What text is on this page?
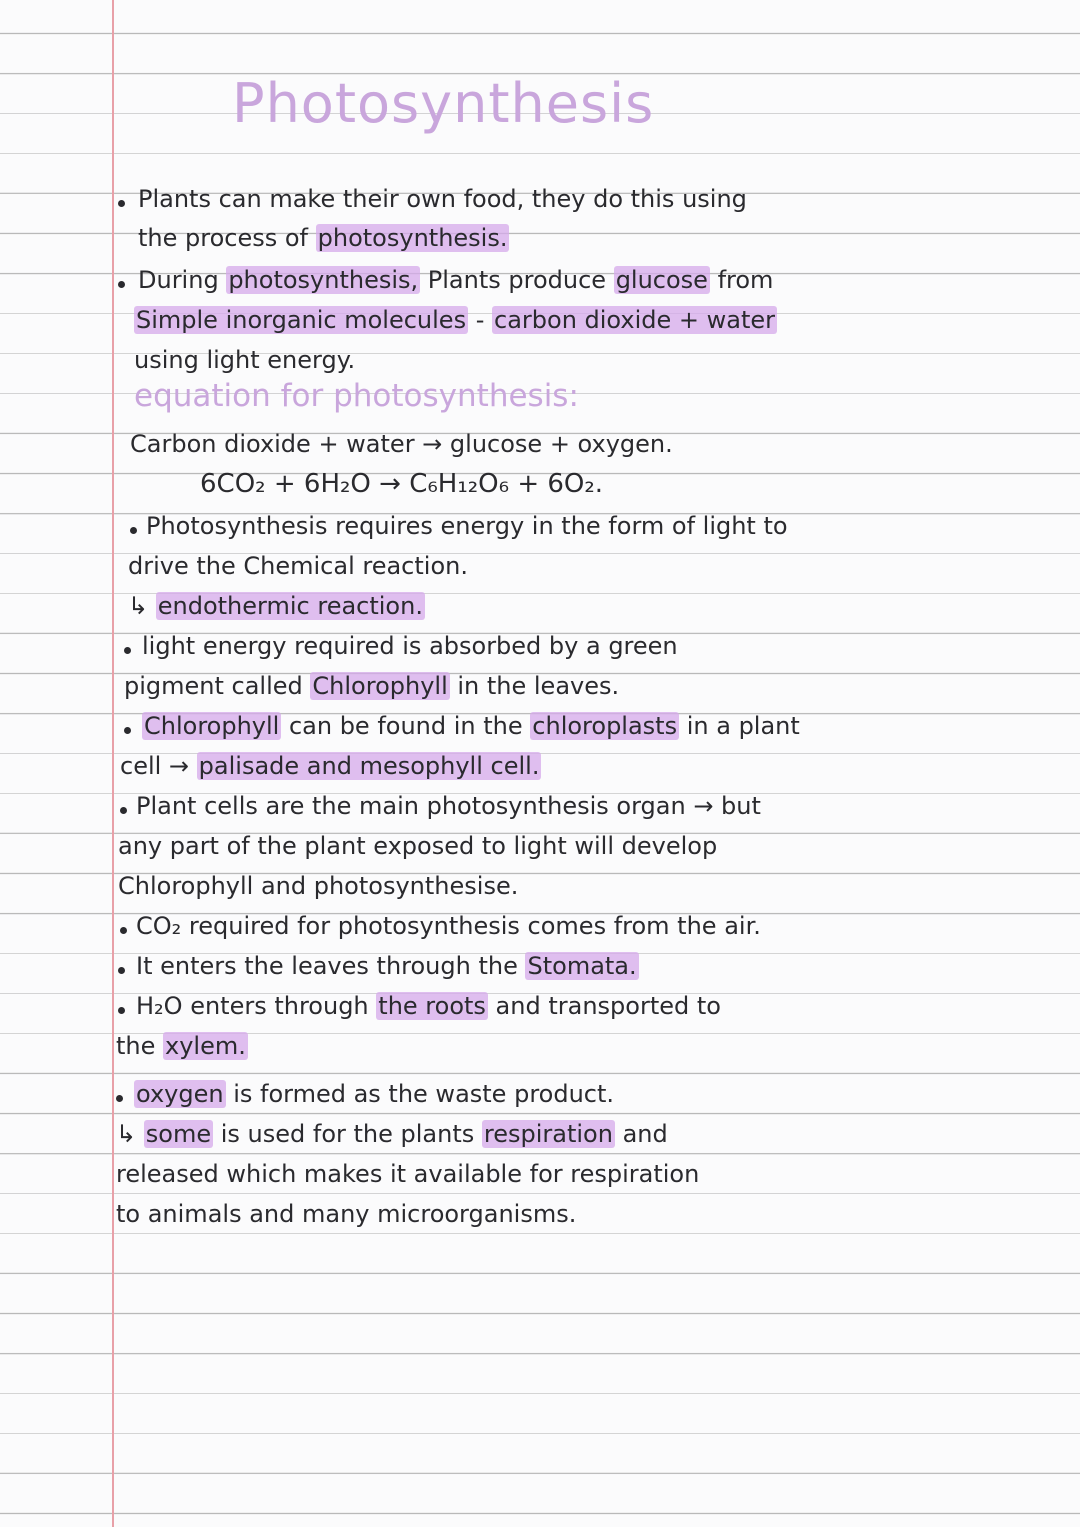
Photosynthesis
Plants can make their own food, they do this using
the process of photosynthesis.
During photosynthesis, Plants produce glucose from
Simple inorganic molecules - carbon dioxide + water
using light energy.
equation for photosynthesis:
Carbon dioxide + water → glucose + oxygen.
6CO₂ + 6H₂O → C₆H₁₂O₆ + 6O₂.
Photosynthesis requires energy in the form of light to
drive the Chemical reaction.
↳ endothermic reaction.
light energy required is absorbed by a green
pigment called Chlorophyll in the leaves.
Chlorophyll can be found in the chloroplasts in a plant
cell → palisade and mesophyll cell.
Plant cells are the main photosynthesis organ → but
any part of the plant exposed to light will develop
Chlorophyll and photosynthesise.
CO₂ required for photosynthesis comes from the air.
It enters the leaves through the Stomata.
H₂O enters through the roots and transported to
the xylem.
oxygen is formed as the waste product.
↳ some is used for the plants respiration and
released which makes it available for respiration
to animals and many microorganisms.
